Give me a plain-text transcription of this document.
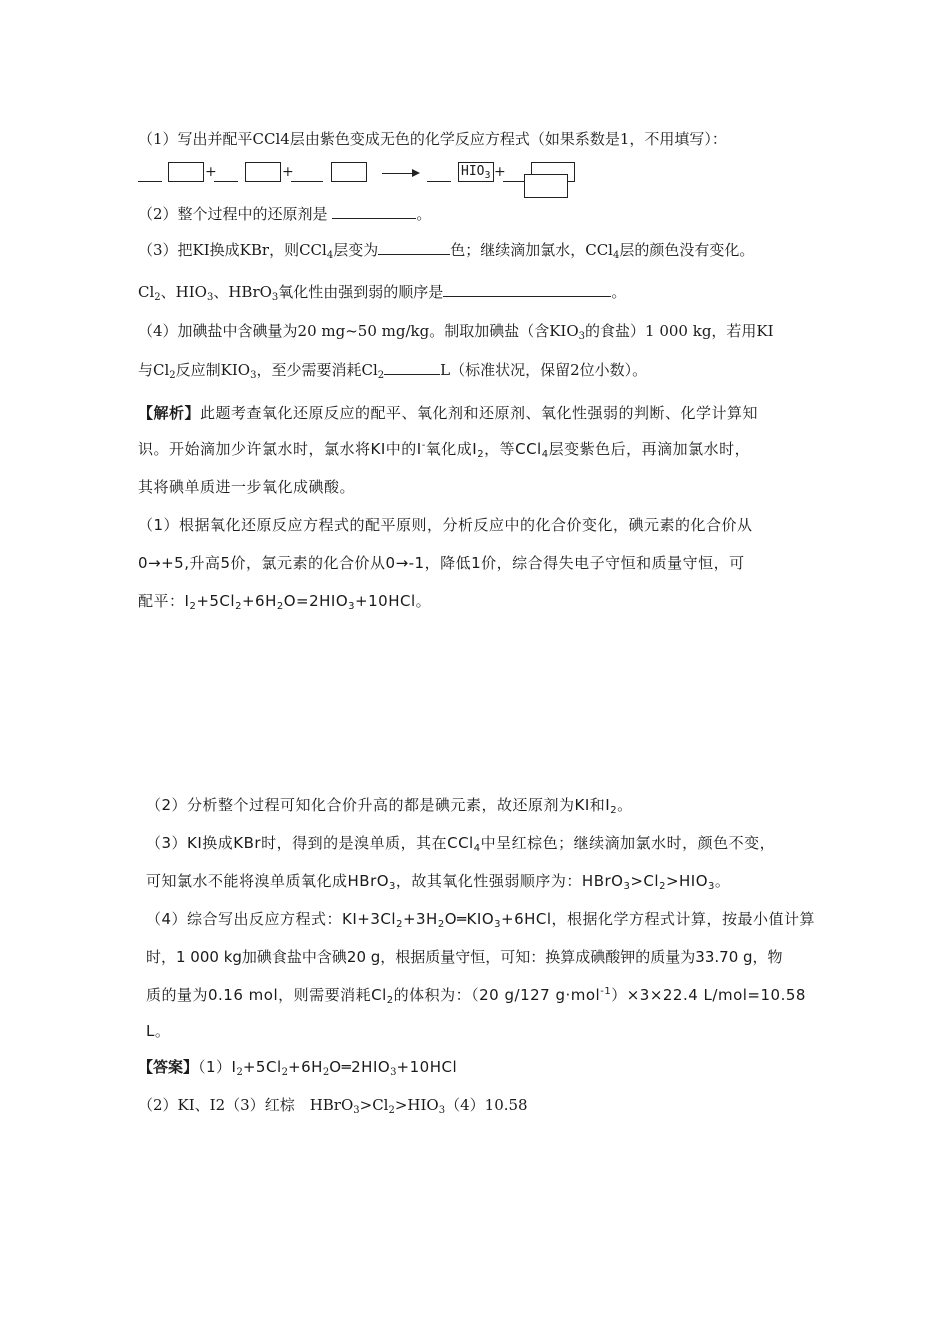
（1）写出并配平CCl4层由紫色变成无色的化学反应方程式（如果系数是1，不用填写）：
+	+	$HIO_3$ +
（2）整个过程中的还原剂是	。
（3）把KI换成KBr，则CCl$_4$层变为	色；继续滴加氯水，CCl$_4$层的颜色没有变化。
$Cl_2$、$HIO_3$、HBrO$_3$氧化性由强到弱的顺序是	。
（4）加碘盐中含碘量为20 mg~50 mg/kg。制取加碘盐（含$KIO_3$的食盐）1 000 kg，若用KI
与$Cl_2$反应制$KIO_3$，至少需要消耗$Cl_2$	L（标准状况，保留2位小数）。
【解析】此题考查氧化还原反应的配平、氧化剂和还原剂、氧化性强弱的判断、化学计算知
识。开始滴加少许氯水时，氯水将KI中的I-氧化成$I_2$，等CCl$_4$层变紫色后，再滴加氯水时，
其将碘单质进一步氧化成碘酸。
（1）根据氧化还原反应方程式的配平原则，分析反应中的化合价变化，碘元素的化合价从
0→+5,升高5价，氯元素的化合价从0→-1，降低1价，综合得失电子守恒和质量守恒，可
配平：$I_2+5Cl_2+6H_2O=2HIO_3+10HCl$。
（2）分析整个过程可知化合价升高的都是碘元素，故还原剂为KI和$I_2$。
（3）KI换成KBr时，得到的是溴单质，其在CCl$_4$中呈红棕色；继续滴加氯水时，颜色不变，
可知氯水不能将溴单质氧化成HBrO$_3$，故其氧化性强弱顺序为：$HBrO_3>Cl_2>HIO_3$。
（4）综合写出反应方程式：$KI+3Cl_2+3H_2O═KIO_3+6HCl$，根据化学方程式计算，按最小值计算
时，1 000 kg加碘食盐中含碘20 g，根据质量守恒，可知：换算成碘酸钾的质量为33.70 g，物
质的量为0.16 mol，则需要消耗$Cl_2$的体积为：（20 g/127 g·mol$^{-1}$）×3×22.4 L/mol=10.58
L。
【答案】$(1)I_2+5Cl_2+6H_2O═2HIO_3+10HCl$
（2）KI、I2（3）红棕　$HBrO_3>Cl_2>HIO_3(4)10.58$
